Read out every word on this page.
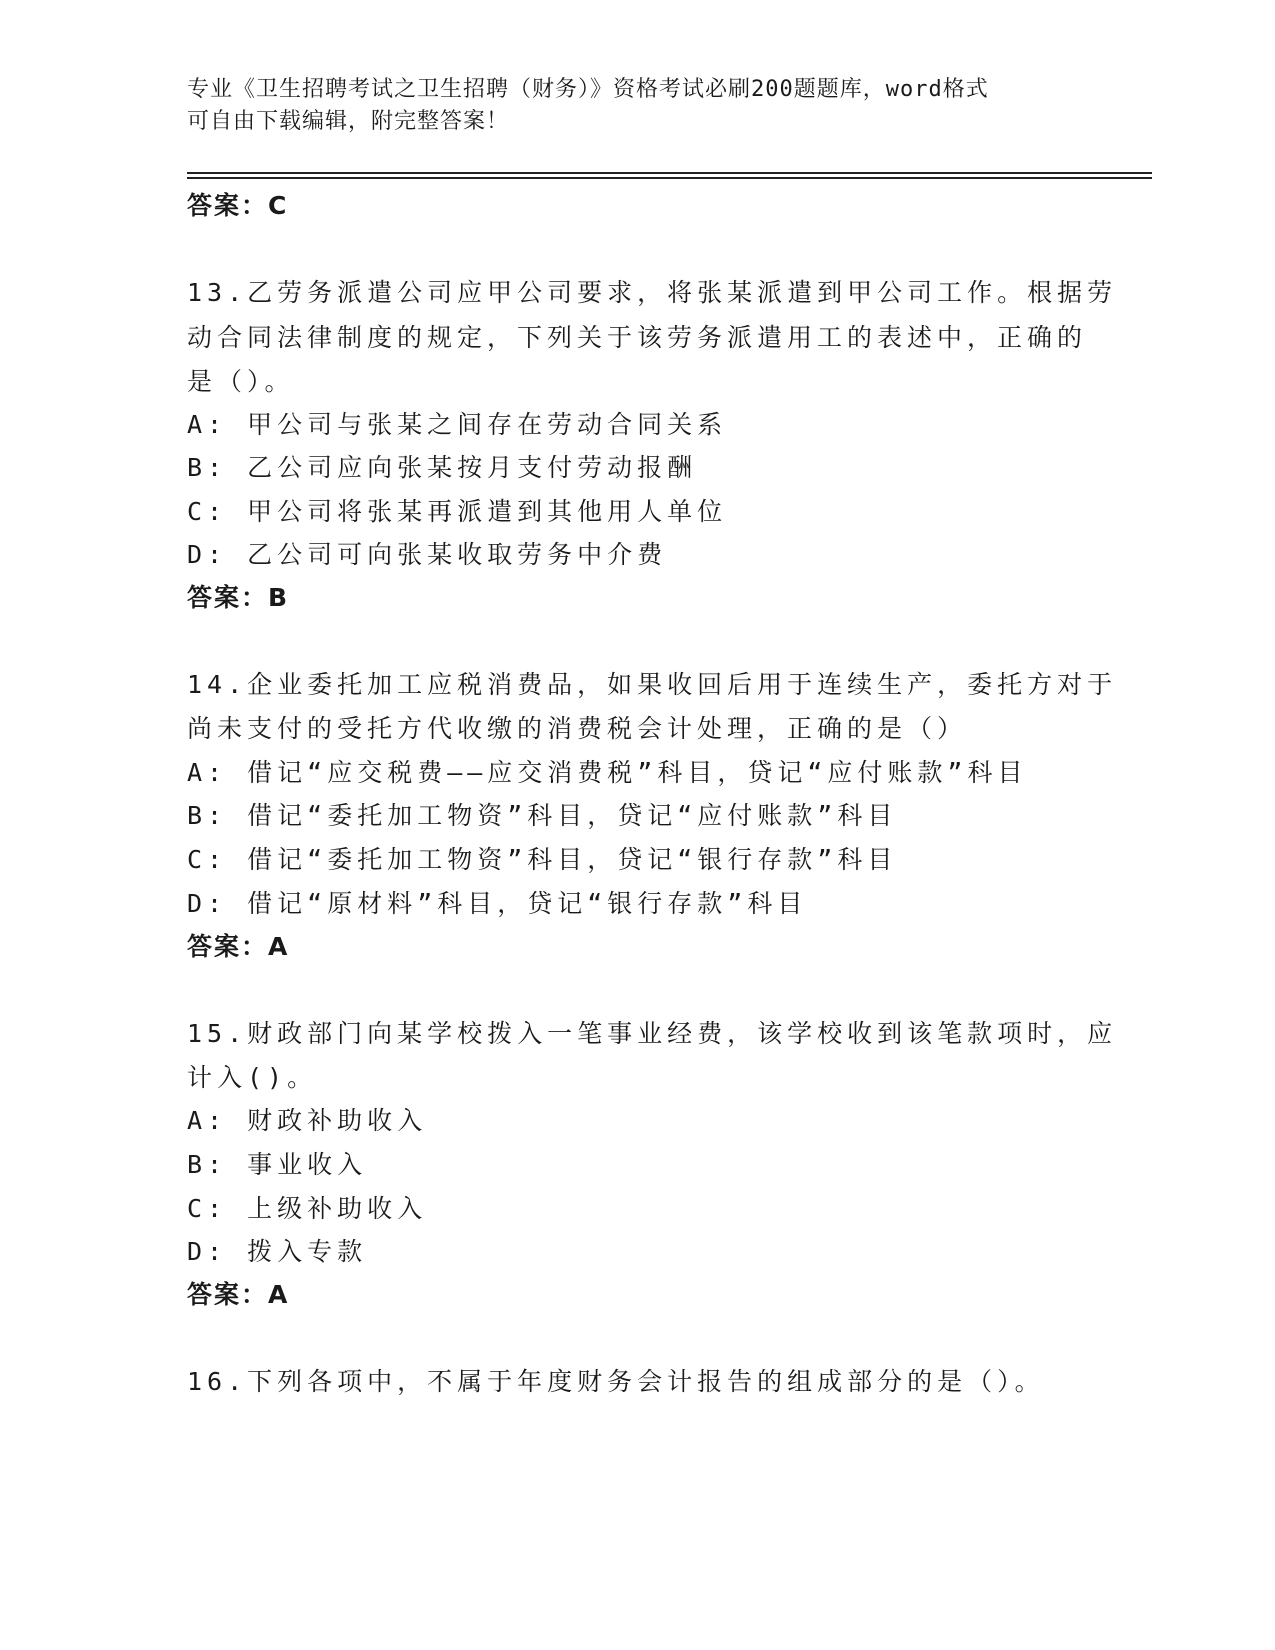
专业《卫生招聘考试之卫生招聘（财务）》资格考试必刷200题题库，word格式
可自由下载编辑，附完整答案！
答案：C
13.乙劳务派遣公司应甲公司要求，将张某派遣到甲公司工作。根据劳
动合同法律制度的规定，下列关于该劳务派遣用工的表述中，正确的
是（）。
A: 甲公司与张某之间存在劳动合同关系
B: 乙公司应向张某按月支付劳动报酬
C: 甲公司将张某再派遣到其他用人单位
D: 乙公司可向张某收取劳务中介费
答案：B
14.企业委托加工应税消费品，如果收回后用于连续生产，委托方对于
尚未支付的受托方代收缴的消费税会计处理，正确的是（）
A: 借记“应交税费——应交消费税”科目，贷记“应付账款”科目
B: 借记“委托加工物资”科目，贷记“应付账款”科目
C: 借记“委托加工物资”科目，贷记“银行存款”科目
D: 借记“原材料”科目，贷记“银行存款”科目
答案：A
15.财政部门向某学校拨入一笔事业经费，该学校收到该笔款项时，应
计入()。
A: 财政补助收入
B: 事业收入
C: 上级补助收入
D: 拨入专款
答案：A
16.下列各项中，不属于年度财务会计报告的组成部分的是（）。
